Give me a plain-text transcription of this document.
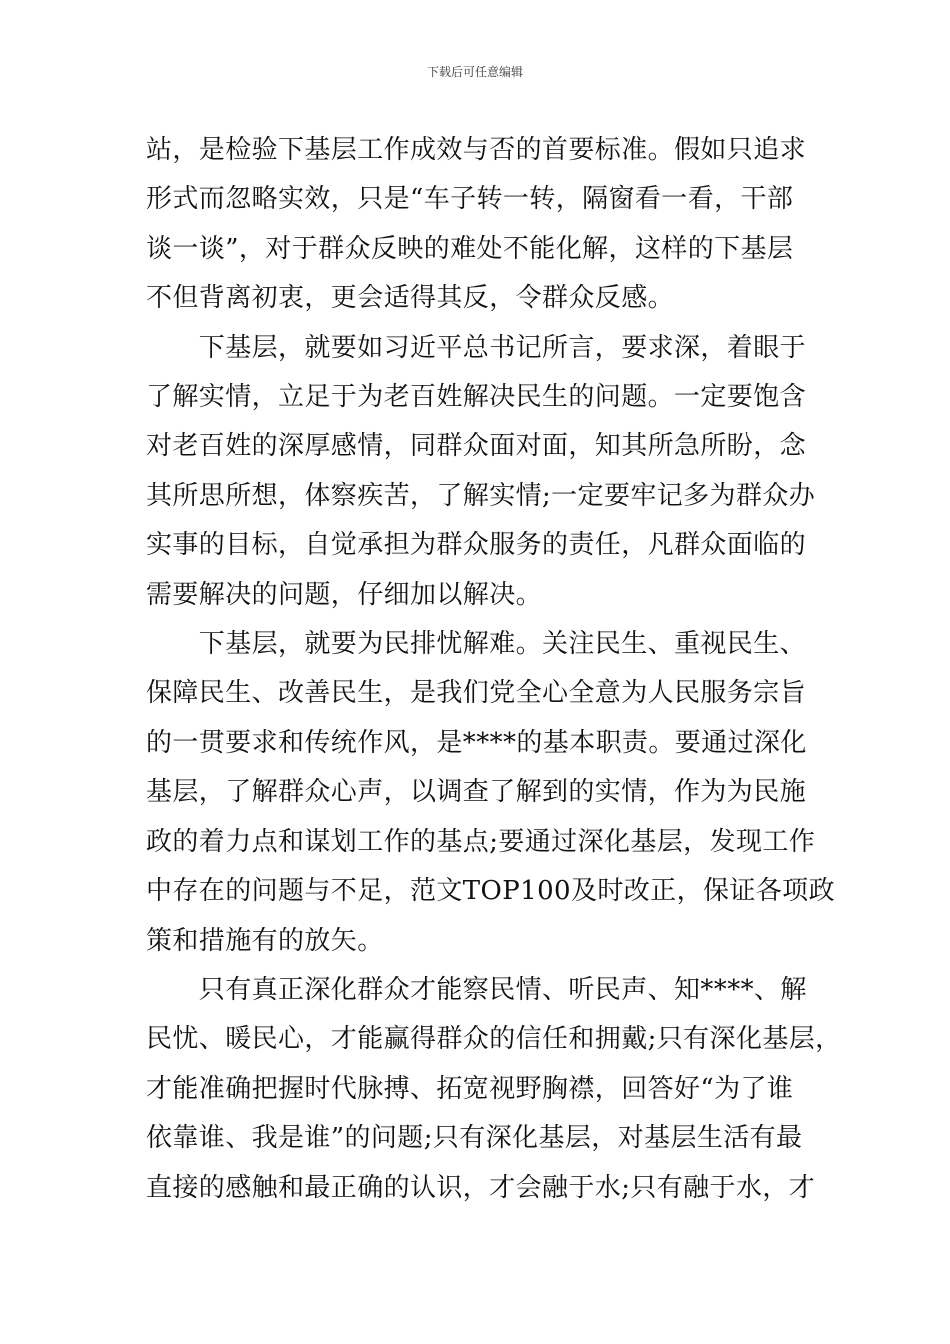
下载后可任意编辑

站，是检验下基层工作成效与否的首要标准。假如只追求
形式而忽略实效，只是“车子转一转，隔窗看一看，干部
谈一谈”，对于群众反映的难处不能化解，这样的下基层
不但背离初衷，更会适得其反，令群众反感。

　　下基层，就要如习近平总书记所言，要求深，着眼于
了解实情，立足于为老百姓解决民生的问题。一定要饱含
对老百姓的深厚感情，同群众面对面，知其所急所盼，念
其所思所想，体察疾苦，了解实情;一定要牢记多为群众办
实事的目标，自觉承担为群众服务的责任，凡群众面临的
需要解决的问题，仔细加以解决。

　　下基层，就要为民排忧解难。关注民生、重视民生、
保障民生、改善民生，是我们党全心全意为人民服务宗旨
的一贯要求和传统作风，是****的基本职责。要通过深化
基层，了解群众心声，以调查了解到的实情，作为为民施
政的着力点和谋划工作的基点;要通过深化基层，发现工作
中存在的问题与不足，范文TOP100及时改正，保证各项政
策和措施有的放矢。

　　只有真正深化群众才能察民情、听民声、知****、解
民忧、暖民心，才能赢得群众的信任和拥戴;只有深化基层，
才能准确把握时代脉搏、拓宽视野胸襟，回答好“为了谁
依靠谁、我是谁”的问题;只有深化基层，对基层生活有最
直接的感触和最正确的认识，才会融于水;只有融于水，才
